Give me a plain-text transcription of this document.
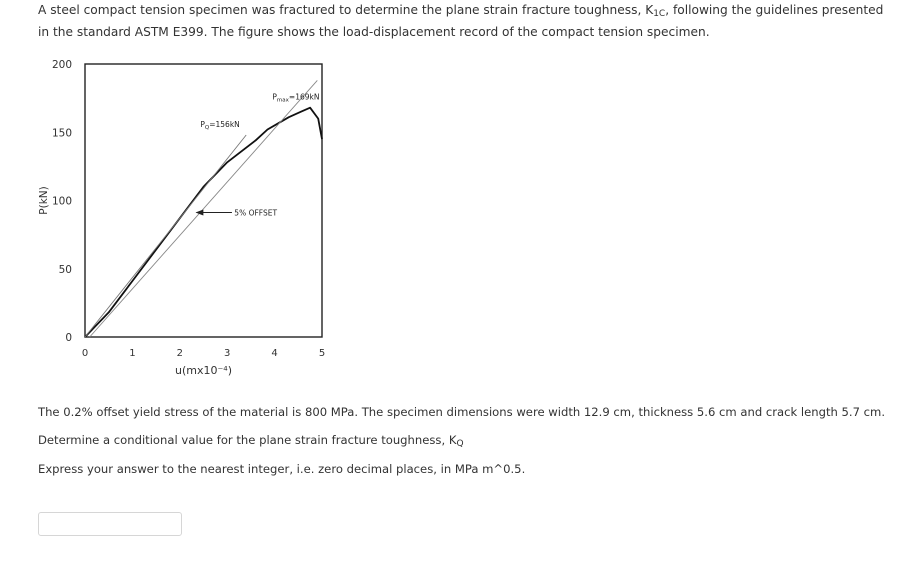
A steel compact tension specimen was fractured to determine the plane strain fracture toughness, $K_{1C}$, following the guidelines presented in the standard ASTM E399. The figure shows the load-displacement record of the compact tension specimen.

200
150
100
50
0
0	1	2	3	4	5
u(mx10⁻⁴)
P(kN)
$P_{max}=169kN$
$P_Q=156kN$
5% OFFSET

The 0.2% offset yield stress of the material is 800 MPa. The specimen dimensions were width 12.9 cm, thickness 5.6 cm and crack length 5.7 cm.

Determine a conditional value for the plane strain fracture toughness, $K_Q$

Express your answer to the nearest integer, i.e. zero decimal places, in MPa m^0.5.
